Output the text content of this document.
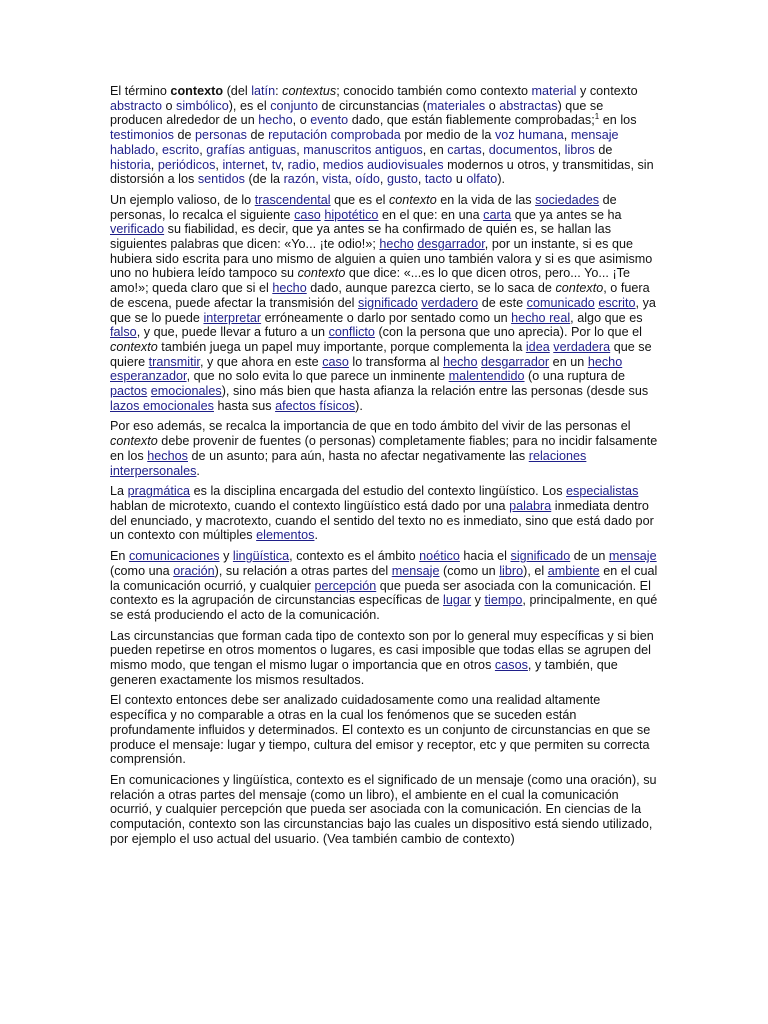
El término contexto (del latín: contextus; conocido también como contexto material y contexto abstracto o simbólico), es el conjunto de circunstancias (materiales o abstractas) que se producen alrededor de un hecho, o evento dado, que están fiablemente comprobadas;$^1$ en los testimonios de personas de reputación comprobada por medio de la voz humana, mensaje hablado, escrito, grafías antiguas, manuscritos antiguos, en cartas, documentos, libros de historia, periódicos, internet, tv, radio, medios audiovisuales modernos u otros, y transmitidas, sin distorsión a los sentidos (de la razón, vista, oído, gusto, tacto u olfato).

Un ejemplo valioso, de lo trascendental que es el contexto en la vida de las sociedades de personas, lo recalca el siguiente caso hipotético en el que: en una carta que ya antes se ha verificado su fiabilidad, es decir, que ya antes se ha confirmado de quién es, se hallan las siguientes palabras que dicen: «Yo... ¡te odio!»; hecho desgarrador, por un instante, si es que hubiera sido escrita para uno mismo de alguien a quien uno también valora y si es que asimismo uno no hubiera leído tampoco su contexto que dice: «...es lo que dicen otros, pero... Yo... ¡Te amo!»; queda claro que si el hecho dado, aunque parezca cierto, se lo saca de contexto, o fuera de escena, puede afectar la transmisión del significado verdadero de este comunicado escrito, ya que se lo puede interpretar erróneamente o darlo por sentado como un hecho real, algo que es falso, y que, puede llevar a futuro a un conflicto (con la persona que uno aprecia). Por lo que el contexto también juega un papel muy importante, porque complementa la idea verdadera que se quiere transmitir, y que ahora en este caso lo transforma al hecho desgarrador en un hecho esperanzador, que no solo evita lo que parece un inminente malentendido (o una ruptura de pactos emocionales), sino más bien que hasta afianza la relación entre las personas (desde sus lazos emocionales hasta sus afectos físicos).

Por eso además, se recalca la importancia de que en todo ámbito del vivir de las personas el contexto debe provenir de fuentes (o personas) completamente fiables; para no incidir falsamente en los hechos de un asunto; para aún, hasta no afectar negativamente las relaciones interpersonales.

La pragmática es la disciplina encargada del estudio del contexto lingüístico. Los especialistas hablan de microtexto, cuando el contexto lingüístico está dado por una palabra inmediata dentro del enunciado, y macrotexto, cuando el sentido del texto no es inmediato, sino que está dado por un contexto con múltiples elementos.

En comunicaciones y lingüística, contexto es el ámbito noético hacia el significado de un mensaje (como una oración), su relación a otras partes del mensaje (como un libro), el ambiente en el cual la comunicación ocurrió, y cualquier percepción que pueda ser asociada con la comunicación. El contexto es la agrupación de circunstancias específicas de lugar y tiempo, principalmente, en qué se está produciendo el acto de la comunicación.

Las circunstancias que forman cada tipo de contexto son por lo general muy específicas y si bien pueden repetirse en otros momentos o lugares, es casi imposible que todas ellas se agrupen del mismo modo, que tengan el mismo lugar o importancia que en otros casos, y también, que generen exactamente los mismos resultados.

El contexto entonces debe ser analizado cuidadosamente como una realidad altamente específica y no comparable a otras en la cual los fenómenos que se suceden están profundamente influidos y determinados. El contexto es un conjunto de circunstancias en que se produce el mensaje: lugar y tiempo, cultura del emisor y receptor, etc y que permiten su correcta comprensión.

En comunicaciones y lingüística, contexto es el significado de un mensaje (como una oración), su relación a otras partes del mensaje (como un libro), el ambiente en el cual la comunicación ocurrió, y cualquier percepción que pueda ser asociada con la comunicación. En ciencias de la computación, contexto son las circunstancias bajo las cuales un dispositivo está siendo utilizado, por ejemplo el uso actual del usuario. (Vea también cambio de contexto)
